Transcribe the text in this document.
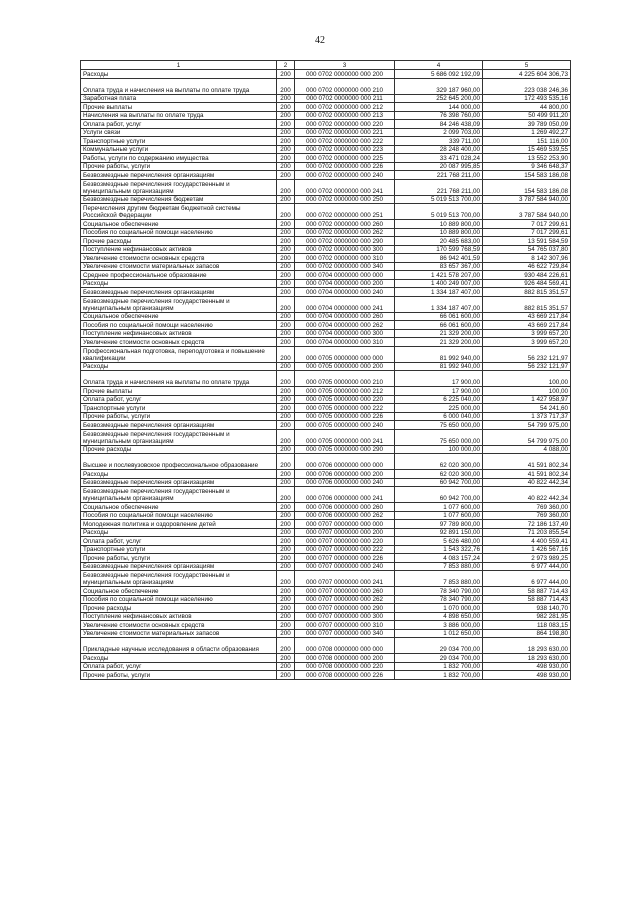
42
1	2	3	4	5
Расходы	200	000 0702 0000000 000 200	5 686 092 192,09	4 225 604 306,73
Оплата труда и начисления на выплаты по оплате труда	200	000 0702 0000000 000 210	329 187 960,00	223 038 246,36
Заработная плата	200	000 0702 0000000 000 211	252 645 200,00	172 493 535,16
Прочие выплаты	200	000 0702 0000000 000 212	144 000,00	44 800,00
Начисления на выплаты по оплате труда	200	000 0702 0000000 000 213	76 398 760,00	50 499 911,20
Оплата работ, услуг	200	000 0702 0000000 000 220	84 246 438,09	39 789 050,09
Услуги связи	200	000 0702 0000000 000 221	2 099 703,00	1 269 492,27
Транспортные услуги	200	000 0702 0000000 000 222	339 711,00	151 116,00
Коммунальные услуги	200	000 0702 0000000 000 223	28 248 400,00	15 469 539,55
Работы, услуги по содержанию имущества	200	000 0702 0000000 000 225	33 471 028,24	13 552 253,90
Прочие работы, услуги	200	000 0702 0000000 000 226	20 087 995,85	9 346 648,37
Безвозмездные перечисления организациям	200	000 0702 0000000 000 240	221 768 211,00	154 583 186,08
Безвозмездные перечисления государственным и муниципальным организациям	200	000 0702 0000000 000 241	221 768 211,00	154 583 186,08
Безвозмездные перечисления бюджетам	200	000 0702 0000000 000 250	5 019 513 700,00	3 787 584 940,00
Перечисления другим бюджетам бюджетной системы Российской Федерации	200	000 0702 0000000 000 251	5 019 513 700,00	3 787 584 940,00
Социальное обеспечение	200	000 0702 0000000 000 260	10 889 800,00	7 017 299,61
Пособия по социальной помощи населению	200	000 0702 0000000 000 262	10 889 800,00	7 017 299,61
Прочие расходы	200	000 0702 0000000 000 290	20 485 683,00	13 591 584,59
Поступление нефинансовых активов	200	000 0702 0000000 000 300	170 599 768,59	54 765 037,80
Увеличение стоимости основных средств	200	000 0702 0000000 000 310	86 942 401,59	8 142 307,96
Увеличение стоимости материальных запасов	200	000 0702 0000000 000 340	83 657 367,00	46 622 729,84
Среднее профессиональное образование	200	000 0704 0000000 000 000	1 421 578 207,00	930 484 226,61
Расходы	200	000 0704 0000000 000 200	1 400 249 007,00	926 484 569,41
Безвозмездные перечисления организациям	200	000 0704 0000000 000 240	1 334 187 407,00	882 815 351,57
Безвозмездные перечисления государственным и муниципальным организациям	200	000 0704 0000000 000 241	1 334 187 407,00	882 815 351,57
Социальное обеспечение	200	000 0704 0000000 000 260	66 061 600,00	43 669 217,84
Пособия по социальной помощи населению	200	000 0704 0000000 000 262	66 061 600,00	43 669 217,84
Поступление нефинансовых активов	200	000 0704 0000000 000 300	21 329 200,00	3 999 657,20
Увеличение стоимости основных средств	200	000 0704 0000000 000 310	21 329 200,00	3 999 657,20
Профессиональная подготовка, переподготовка и повышение квалификации	200	000 0705 0000000 000 000	81 992 940,00	56 232 121,97
Расходы	200	000 0705 0000000 000 200	81 992 940,00	56 232 121,97
Оплата труда и начисления на выплаты по оплате труда	200	000 0705 0000000 000 210	17 900,00	100,00
Прочие выплаты	200	000 0705 0000000 000 212	17 900,00	100,00
Оплата работ, услуг	200	000 0705 0000000 000 220	6 225 040,00	1 427 958,97
Транспортные услуги	200	000 0705 0000000 000 222	225 000,00	54 241,60
Прочие работы, услуги	200	000 0705 0000000 000 226	6 000 040,00	1 373 717,37
Безвозмездные перечисления организациям	200	000 0705 0000000 000 240	75 650 000,00	54 799 975,00
Безвозмездные перечисления государственным и муниципальным организациям	200	000 0705 0000000 000 241	75 650 000,00	54 799 975,00
Прочие расходы	200	000 0705 0000000 000 290	100 000,00	4 088,00
Высшее и послевузовское профессиональное образование	200	000 0706 0000000 000 000	62 020 300,00	41 591 802,34
Расходы	200	000 0706 0000000 000 200	62 020 300,00	41 591 802,34
Безвозмездные перечисления организациям	200	000 0706 0000000 000 240	60 942 700,00	40 822 442,34
Безвозмездные перечисления государственным и муниципальным организациям	200	000 0706 0000000 000 241	60 942 700,00	40 822 442,34
Социальное обеспечение	200	000 0706 0000000 000 260	1 077 600,00	769 360,00
Пособия по социальной помощи населению	200	000 0706 0000000 000 262	1 077 600,00	769 360,00
Молодежная политика и оздоровление детей	200	000 0707 0000000 000 000	97 789 800,00	72 186 137,49
Расходы	200	000 0707 0000000 000 200	92 891 150,00	71 203 855,54
Оплата работ, услуг	200	000 0707 0000000 000 220	5 626 480,00	4 400 559,41
Транспортные услуги	200	000 0707 0000000 000 222	1 543 322,76	1 426 567,16
Прочие работы, услуги	200	000 0707 0000000 000 226	4 083 157,24	2 973 989,25
Безвозмездные перечисления организациям	200	000 0707 0000000 000 240	7 853 880,00	6 977 444,00
Безвозмездные перечисления государственным и муниципальным организациям	200	000 0707 0000000 000 241	7 853 880,00	6 977 444,00
Социальное обеспечение	200	000 0707 0000000 000 260	78 340 790,00	58 887 714,43
Пособия по социальной помощи населению	200	000 0707 0000000 000 262	78 340 790,00	58 887 714,43
Прочие расходы	200	000 0707 0000000 000 290	1 070 000,00	938 140,70
Поступление нефинансовых активов	200	000 0707 0000000 000 300	4 898 650,00	982 281,95
Увеличение стоимости основных средств	200	000 0707 0000000 000 310	3 886 000,00	118 083,15
Увеличение стоимости материальных запасов	200	000 0707 0000000 000 340	1 012 650,00	864 198,80
Прикладные научные исследования в области образования	200	000 0708 0000000 000 000	29 034 700,00	18 293 630,00
Расходы	200	000 0708 0000000 000 200	29 034 700,00	18 293 630,00
Оплата работ, услуг	200	000 0708 0000000 000 220	1 832 700,00	498 930,00
Прочие работы, услуги	200	000 0708 0000000 000 226	1 832 700,00	498 930,00
